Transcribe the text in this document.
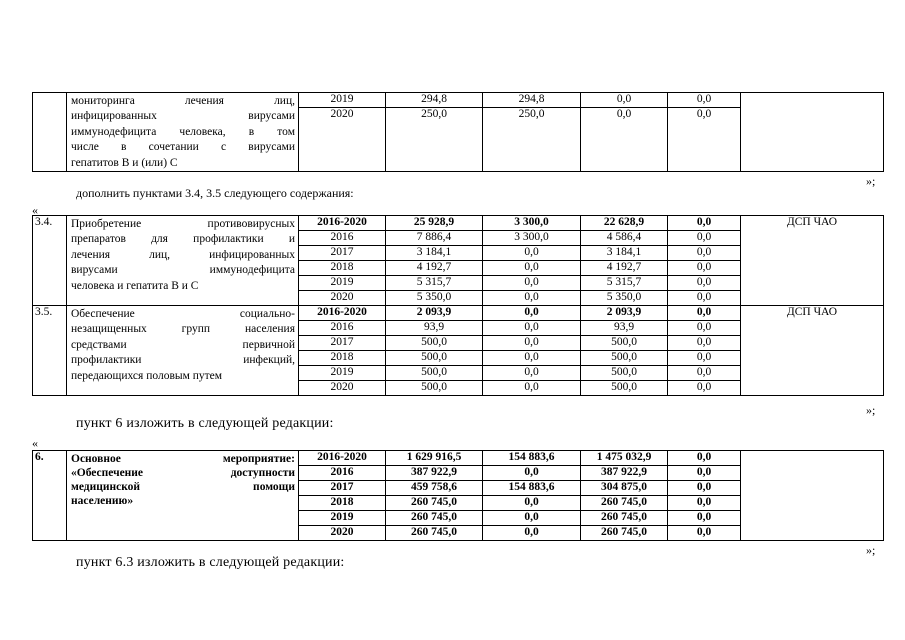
	мониторинга лечения лиц,
инфицированных вирусами
иммунодефицита человека, в том
числе в сочетании с вирусами
гепатитов В и (или) С	2019	294,8	294,8	0,0	0,0	
		2020	250,0	250,0	0,0	0,0	
»;
дополнить пунктами 3.4, 3.5 следующего содержания:
«
3.4.	Приобретение противовирусных
препаратов для профилактики и
лечения лиц, инфицированных
вирусами иммунодефицита
человека и гепатита В и С	2016-2020	25 928,9	3 300,0	22 628,9	0,0	ДСП ЧАО
		2016	7 886,4	3 300,0	4 586,4	0,0	
		2017	3 184,1	0,0	3 184,1	0,0	
		2018	4 192,7	0,0	4 192,7	0,0	
		2019	5 315,7	0,0	5 315,7	0,0	
		2020	5 350,0	0,0	5 350,0	0,0	
3.5.	Обеспечение социально-
незащищенных групп населения
средствами первичной
профилактики инфекций,
передающихся половым путем	2016-2020	2 093,9	0,0	2 093,9	0,0	ДСП ЧАО
		2016	93,9	0,0	93,9	0,0	
		2017	500,0	0,0	500,0	0,0	
		2018	500,0	0,0	500,0	0,0	
		2019	500,0	0,0	500,0	0,0	
		2020	500,0	0,0	500,0	0,0	
»;
пункт 6 изложить в следующей редакции:
«
6.	Основное мероприятие:
«Обеспечение доступности
медицинской помощи
населению»	2016-2020	1 629 916,5	154 883,6	1 475 032,9	0,0	
		2016	387 922,9	0,0	387 922,9	0,0	
		2017	459 758,6	154 883,6	304 875,0	0,0	
		2018	260 745,0	0,0	260 745,0	0,0	
		2019	260 745,0	0,0	260 745,0	0,0	
		2020	260 745,0	0,0	260 745,0	0,0	
»;
пункт 6.3 изложить в следующей редакции:
